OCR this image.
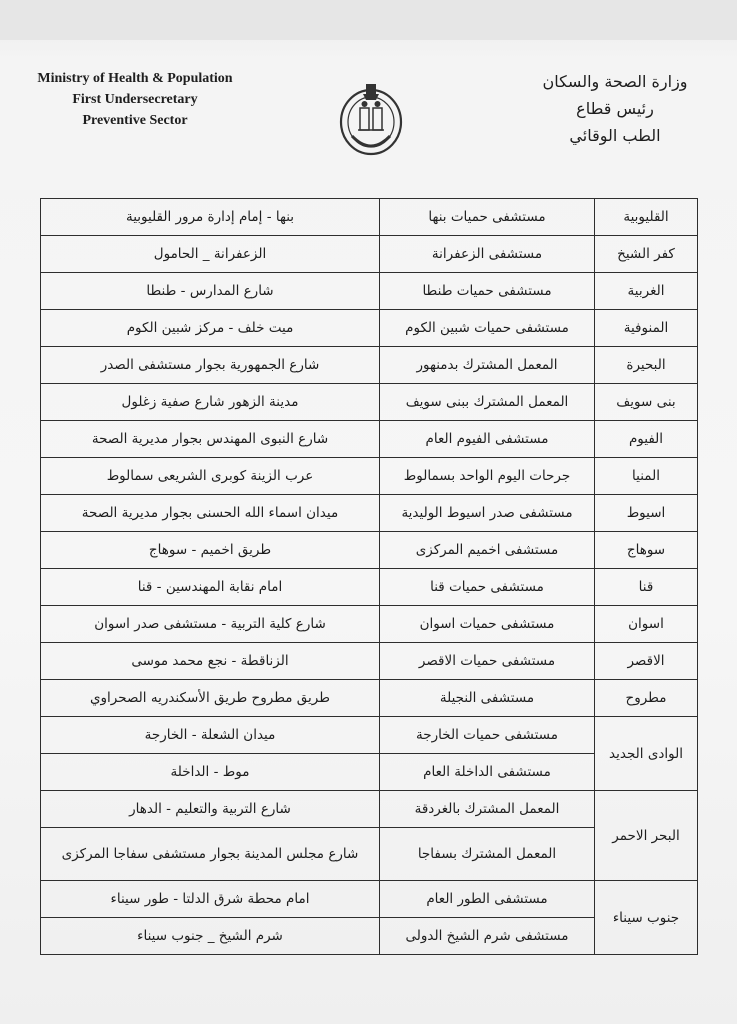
Ministry of Health & Population
First Undersecretary
Preventive Sector
وزارة الصحة والسكان
رئيس قطاع
الطب الوقائي
القليوبية	مستشفى حميات بنها	بنها - إمام إدارة مرور القليوبية
كفر الشيخ	مستشفى الزعفرانة	الزعفرانة _ الحامول
الغربية	مستشفى حميات طنطا	شارع المدارس - طنطا
المنوفية	مستشفى حميات شبين الكوم	ميت خلف - مركز شبين الكوم
البحيرة	المعمل المشترك بدمنهور	شارع الجمهورية بجوار مستشفى الصدر
بنى سويف	المعمل المشترك ببنى سويف	مدينة الزهور شارع صفية زغلول
الفيوم	مستشفى الفيوم العام	شارع النبوى المهندس بجوار مديرية الصحة
المنيا	جرحات اليوم الواحد بسمالوط	عرب الزينة كوبرى الشريعى سمالوط
اسيوط	مستشفى صدر اسيوط الوليدية	ميدان اسماء الله الحسنى بجوار مديرية الصحة
سوهاج	مستشفى اخميم المركزى	طريق اخميم - سوهاج
قنا	مستشفى حميات قنا	امام نقابة المهندسين - قنا
اسوان	مستشفى حميات اسوان	شارع كلية التربية - مستشفى صدر اسوان
الاقصر	مستشفى حميات الاقصر	الزناقطة - نجع محمد موسى
مطروح	مستشفى النجيلة	طريق مطروح طريق الأسكندريه الصحراوي
الوادى الجديد	مستشفى حميات الخارجة	ميدان الشعلة - الخارجة
	مستشفى الداخلة العام	موط - الداخلة
البحر الاحمر	المعمل المشترك بالغردقة	شارع التربية والتعليم - الدهار
	المعمل المشترك بسفاجا	شارع مجلس المدينة بجوار مستشفى سفاجا المركزى
جنوب سيناء	مستشفى الطور العام	امام محطة شرق الدلتا - طور سيناء
	مستشفى شرم الشيخ الدولى	شرم الشيخ _ جنوب سيناء
